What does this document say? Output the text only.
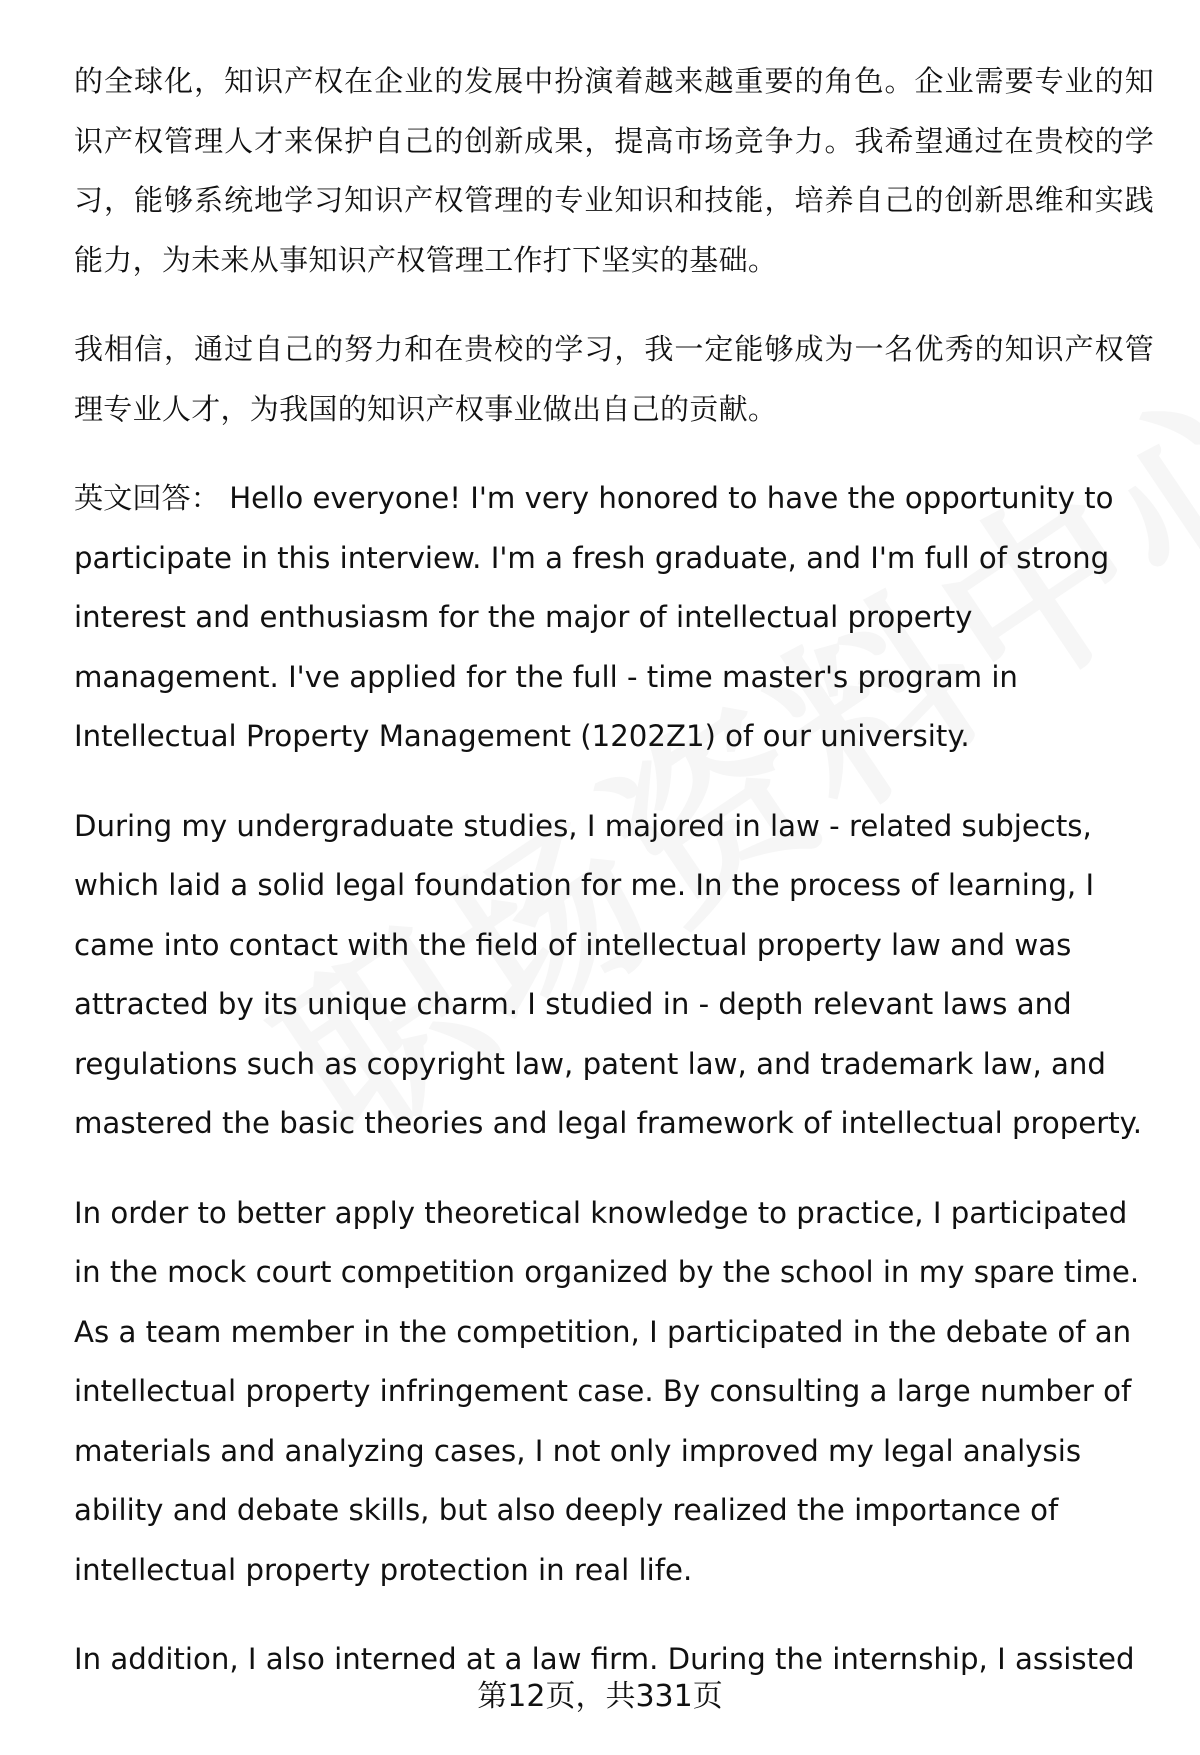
的全球化，知识产权在企业的发展中扮演着越来越重要的角色。企业需要专业的知识产权管理人才来保护自己的创新成果，提高市场竞争力。我希望通过在贵校的学习，能够系统地学习知识产权管理的专业知识和技能，培养自己的创新思维和实践能力，为未来从事知识产权管理工作打下坚实的基础。

我相信，通过自己的努力和在贵校的学习，我一定能够成为一名优秀的知识产权管理专业人才，为我国的知识产权事业做出自己的贡献。

英文回答： Hello everyone! I'm very honored to have the opportunity to participate in this interview. I'm a fresh graduate, and I'm full of strong interest and enthusiasm for the major of intellectual property management. I've applied for the full - time master's program in Intellectual Property Management (1202Z1) of our university.

During my undergraduate studies, I majored in law - related subjects, which laid a solid legal foundation for me. In the process of learning, I came into contact with the field of intellectual property law and was attracted by its unique charm. I studied in - depth relevant laws and regulations such as copyright law, patent law, and trademark law, and mastered the basic theories and legal framework of intellectual property.

In order to better apply theoretical knowledge to practice, I participated in the mock court competition organized by the school in my spare time. As a team member in the competition, I participated in the debate of an intellectual property infringement case. By consulting a large number of materials and analyzing cases, I not only improved my legal analysis ability and debate skills, but also deeply realized the importance of intellectual property protection in real life.

In addition, I also interned at a law firm. During the internship, I assisted

第12页，共331页
